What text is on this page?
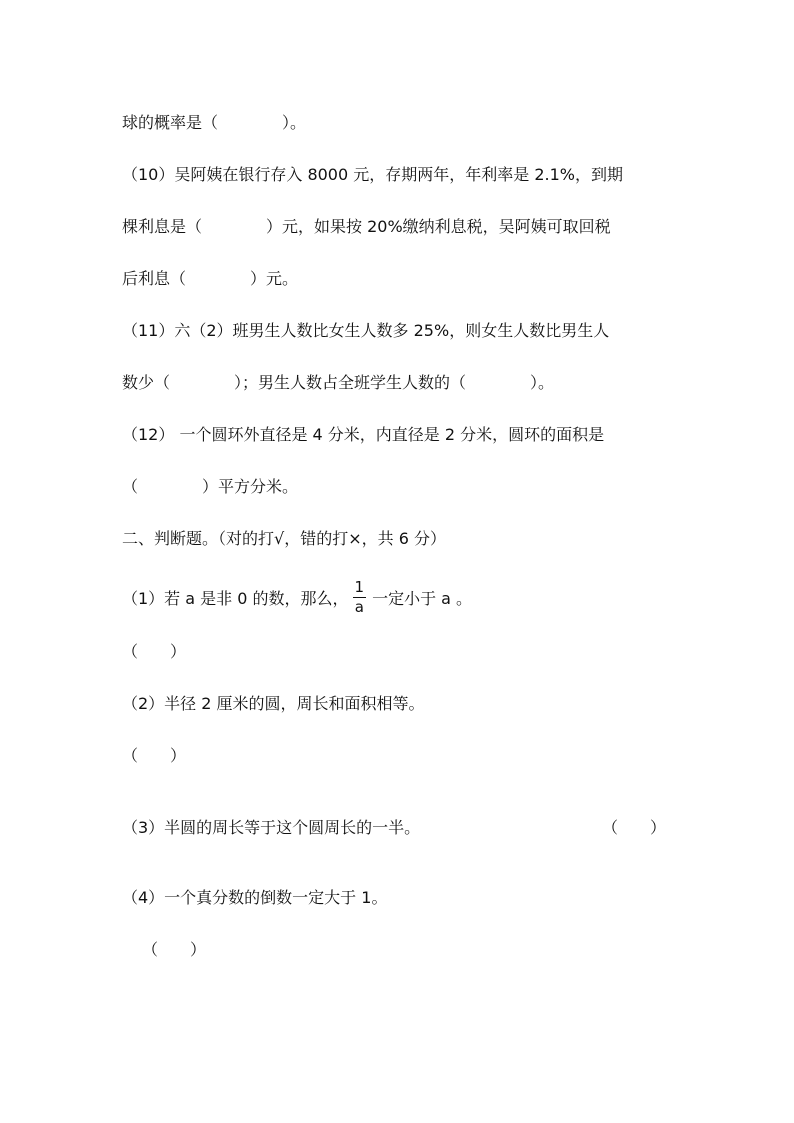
球的概率是（　　　　）。
（10）吴阿姨在银行存入 8000 元，存期两年，年利率是 2.1%，到期
棵利息是（　　　　）元，如果按 20%缴纳利息税，吴阿姨可取回税
后利息（　　　　）元。
（11）六（2）班男生人数比女生人数多 25%，则女生人数比男生人
数少（　　　　）；男生人数占全班学生人数的（　　　　）。
（12） 一个圆环外直径是 4 分米，内直径是 2 分米，圆环的面积是
（　　　　）平方分米。
二、判断题。（对的打√，错的打×，共 6 分）
（1）若 a 是非 0 的数，那么， $\frac{1}{a}$ 一定小于 a 。
（　　）
（2）半径 2 厘米的圆，周长和面积相等。
（　　）
（3）半圆的周长等于这个圆周长的一半。	（　　）
（4）一个真分数的倒数一定大于 1。
（　　）
